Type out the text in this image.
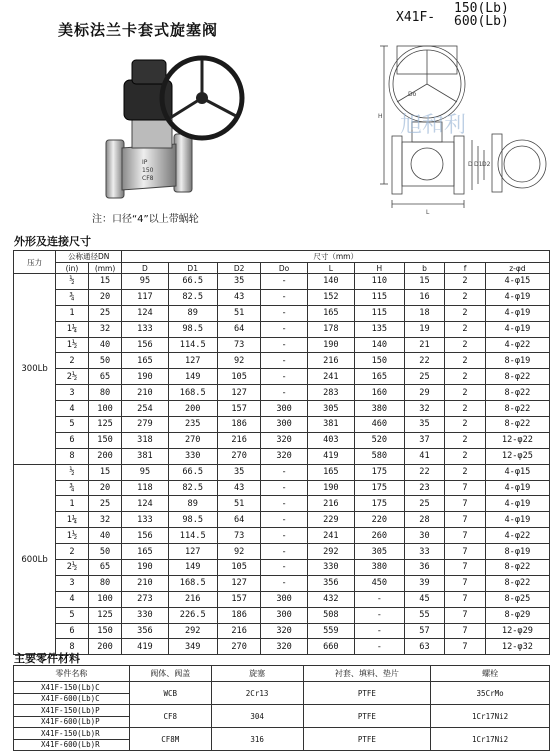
美标法兰卡套式旋塞阀
X41F-
150(Lb)
600(Lb)
IP
150
CF8
注：口径“4”以上带蜗轮
H
L
D D1 D2
Do
旭和利
外形及连接尺寸
压力	公称通径DN		尺寸（mm）								
	(in)	(mm)	D	D1	D2	Do	L	H	b	f	z-φd
300Lb	½	15	95	66.5	35	-	140	110	15	2	4-φ15
	¾	20	117	82.5	43	-	152	115	16	2	4-φ19
	1	25	124	89	51	-	165	115	18	2	4-φ19
	1¼	32	133	98.5	64	-	178	135	19	2	4-φ19
	1½	40	156	114.5	73	-	190	140	21	2	4-φ22
	2	50	165	127	92	-	216	150	22	2	8-φ19
	2½	65	190	149	105	-	241	165	25	2	8-φ22
	3	80	210	168.5	127	-	283	160	29	2	8-φ22
	4	100	254	200	157	300	305	380	32	2	8-φ22
	5	125	279	235	186	300	381	460	35	2	8-φ22
	6	150	318	270	216	320	403	520	37	2	12-φ22
	8	200	381	330	270	320	419	580	41	2	12-φ25
600Lb	½	15	95	66.5	35	-	165	175	22	2	4-φ15
	¾	20	118	82.5	43	-	190	175	23	7	4-φ19
	1	25	124	89	51	-	216	175	25	7	4-φ19
	1¼	32	133	98.5	64	-	229	220	28	7	4-φ19
	1½	40	156	114.5	73	-	241	260	30	7	4-φ22
	2	50	165	127	92	-	292	305	33	7	8-φ19
	2½	65	190	149	105	-	330	380	36	7	8-φ22
	3	80	210	168.5	127	-	356	450	39	7	8-φ22
	4	100	273	216	157	300	432	-	45	7	8-φ25
	5	125	330	226.5	186	300	508	-	55	7	8-φ29
	6	150	356	292	216	320	559	-	57	7	12-φ29
	8	200	419	349	270	320	660	-	63	7	12-φ32
主要零件材料
零件名称	阀体、阀盖	旋塞	衬套、填料、垫片	螺栓
X41F-150(Lb)C	WCB	2Cr13	PTFE	35CrMo
X41F-600(Lb)C				
X41F-150(Lb)P	CF8	304	PTFE	1Cr17Ni2
X41F-600(Lb)P				
X41F-150(Lb)R	CF8M	316	PTFE	1Cr17Ni2
X41F-600(Lb)R				
